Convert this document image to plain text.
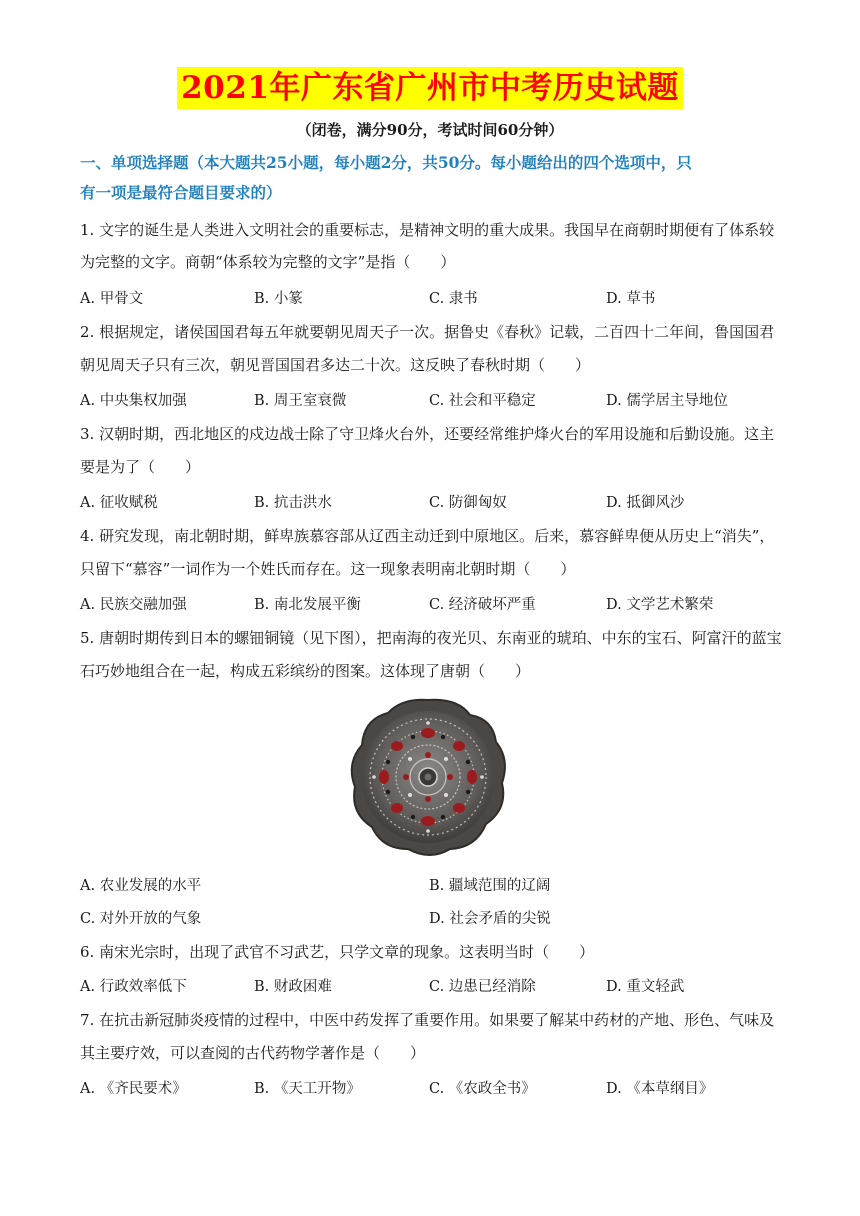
2021年广东省广州市中考历史试题
（闭卷，满分90分，考试时间60分钟）
一、单项选择题（本大题共25小题，每小题2分，共50分。每小题给出的四个选项中，只
有一项是最符合题目要求的）
1. 文字的诞生是人类进入文明社会的重要标志，是精神文明的重大成果。我国早在商朝时期便有了体系较
为完整的文字。商朝“体系较为完整的文字”是指（　　）
A. 甲骨文	B. 小篆	C. 隶书	D. 草书
2. 根据规定，诸侯国国君每五年就要朝见周天子一次。据鲁史《春秋》记载，二百四十二年间，鲁国国君
朝见周天子只有三次，朝见晋国国君多达二十次。这反映了春秋时期（　　）
A. 中央集权加强	B. 周王室衰微	C. 社会和平稳定	D. 儒学居主导地位
3. 汉朝时期，西北地区的戍边战士除了守卫烽火台外，还要经常维护烽火台的军用设施和后勤设施。这主
要是为了（　　）
A. 征收赋税	B. 抗击洪水	C. 防御匈奴	D. 抵御风沙
4. 研究发现，南北朝时期，鲜卑族慕容部从辽西主动迁到中原地区。后来，慕容鲜卑便从历史上“消失”，
只留下“慕容”一词作为一个姓氏而存在。这一现象表明南北朝时期（　　）
A. 民族交融加强	B. 南北发展平衡	C. 经济破坏严重	D. 文学艺术繁荣
5. 唐朝时期传到日本的螺钿铜镜（见下图），把南海的夜光贝、东南亚的琥珀、中东的宝石、阿富汗的蓝宝
石巧妙地组合在一起，构成五彩缤纷的图案。这体现了唐朝（　　）
A. 农业发展的水平	B. 疆域范围的辽阔
C. 对外开放的气象	D. 社会矛盾的尖锐
6. 南宋光宗时，出现了武官不习武艺，只学文章的现象。这表明当时（　　）
A. 行政效率低下	B. 财政困难	C. 边患已经消除	D. 重文轻武
7. 在抗击新冠肺炎疫情的过程中，中医中药发挥了重要作用。如果要了解某中药材的产地、形色、气味及
其主要疗效，可以查阅的古代药物学著作是（　　）
A. 《齐民要术》	B. 《天工开物》	C. 《农政全书》	D. 《本草纲目》
